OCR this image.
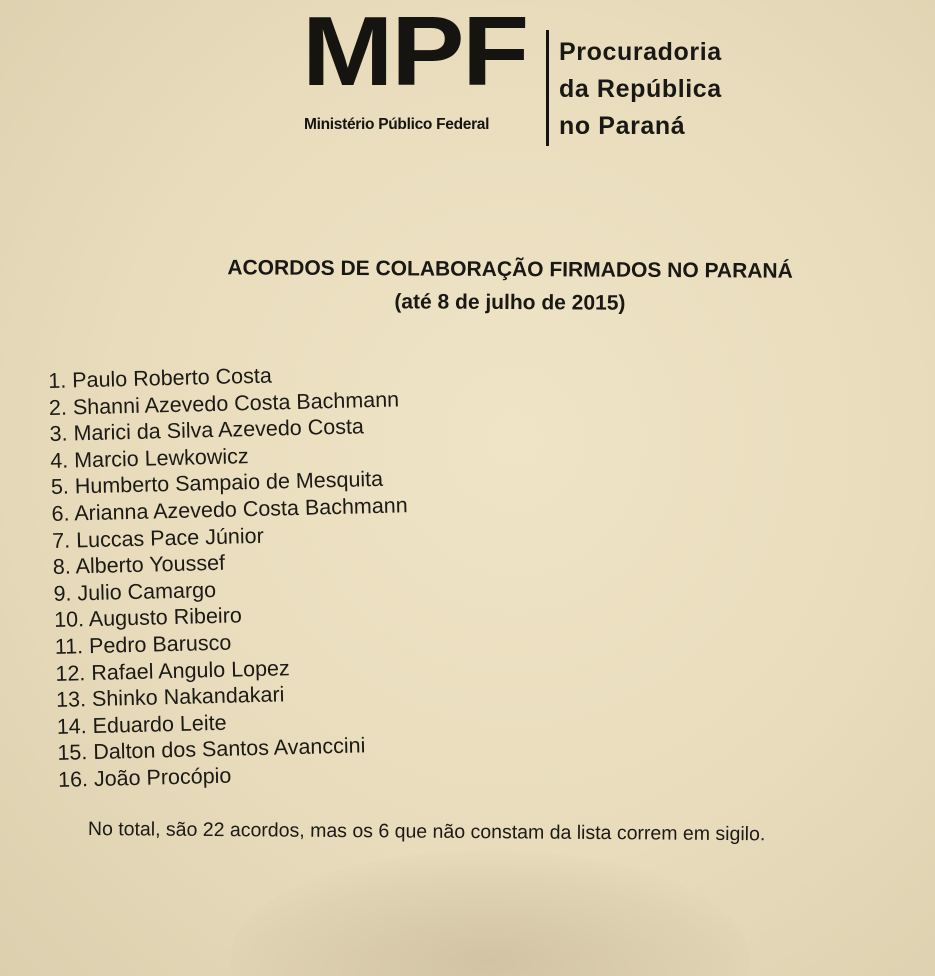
MPF
Ministério Público Federal
Procuradoria
da República
no Paraná
ACORDOS DE COLABORAÇÃO FIRMADOS NO PARANÁ
(até 8 de julho de 2015)
1. Paulo Roberto Costa
2. Shanni Azevedo Costa Bachmann
3. Marici da Silva Azevedo Costa
4. Marcio Lewkowicz
5. Humberto Sampaio de Mesquita
6. Arianna Azevedo Costa Bachmann
7. Luccas Pace Júnior
8. Alberto Youssef
9. Julio Camargo
10. Augusto Ribeiro
11. Pedro Barusco
12. Rafael Angulo Lopez
13. Shinko Nakandakari
14. Eduardo Leite
15. Dalton dos Santos Avanccini
16. João Procópio
No total, são 22 acordos, mas os 6 que não constam da lista correm em sigilo.
